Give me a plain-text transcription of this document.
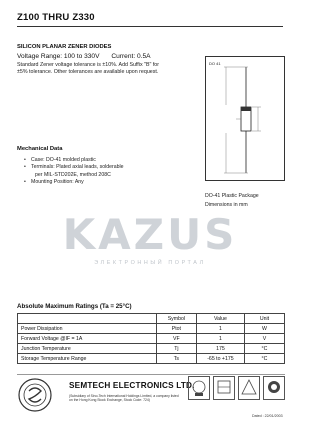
Z100 THRU Z330
SILICON PLANAR ZENER DIODES
Voltage Range: 100 to 330V Current: 0.5A
Standard Zener voltage tolerance is ±10%. Add Suffix "B" for ±5% tolerance. Other tolerances are available upon request.
DO 41
Mechanical Data
• Case: DO-41 molded plastic
• Terminals: Plated axial leads, solderable
per MIL-STD202E, method 208C
• Mounting Position: Any
DO-41 Plastic Package
Dimensions in mm
KAZUS
ЭЛЕКТРОННЫЙ ПОРТАЛ
Absolute Maximum Ratings (Ta = 25°C)
	Symbol	Value	Unit
Power Dissipation	Ptot	1	W
Forward Voltage @IF = 1A	VF	1	V
Junction Temperature	Tj	175	°C
Storage Temperature Range	Ts	-65 to +175	°C
SEMTECH ELECTRONICS LTD.
(Subsidiary of Sino-Tech International Holdings Limited, a company listed on the Hong Kong Stock Exchange, Stock Code: 724)
Dated : 22/01/2003
